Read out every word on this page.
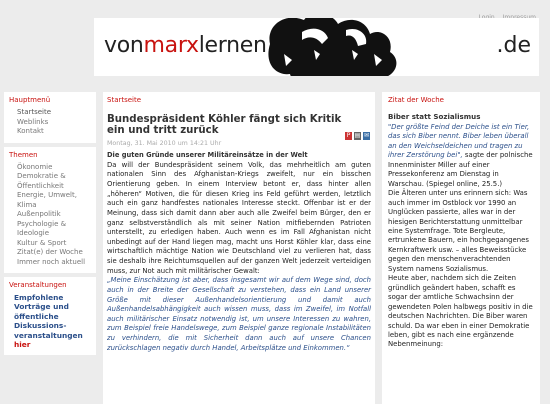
vonmarxlernen	.de
Hauptmenü
Startseite
Weblinks
Kontakt
Themen
Ökonomie
Demokratie & Öffentlichkeit
Energie, Umwelt, Klima
Außenpolitik
Psychologie & Ideologie
Kultur & Sport
Zitat(e) der Woche
Immer noch aktuell
Veranstaltungen
Empfohlene
Vorträge und
öffentliche
Diskussions-
veranstaltungen
hier
Startseite
P ▤ ✉
Bundespräsident Köhler fängt sich Kritik ein und tritt zurück
Montag, 31. Mai 2010 um 14:21 Uhr
Die guten Gründe unserer Militäreinsätze in der Welt
Da will der Bundespräsident seinem Volk, das mehrheitlich am guten nationalen Sinn des Afghanistan-Kriegs zweifelt, nur ein bisschen Orientierung geben. In einem Interview betont er, dass hinter allen „höheren“ Motiven, die für diesen Krieg ins Feld geführt werden, letztlich auch ein ganz handfestes nationales Interesse steckt. Offenbar ist er der Meinung, dass sich damit dann aber auch alle Zweifel beim Bürger, den er ganz selbstverständlich als mit seiner Nation mitfiebernden Patrioten unterstellt, zu erledigen haben. Auch wenn es im Fall Afghanistan nicht unbedingt auf der Hand liegen mag, macht uns Horst Köhler klar, dass eine wirtschaftlich mächtige Nation wie Deutschland viel zu verlieren hat, dass sie deshalb ihre Reichtumsquellen auf der ganzen Welt jederzeit verteidigen muss, zur Not auch mit militärischer Gewalt:
„Meine Einschätzung ist aber, dass insgesamt wir auf dem Wege sind, doch auch in der Breite der Gesellschaft zu verstehen, dass ein Land unserer Größe mit dieser Außenhandelsorientierung und damit auch Außenhandelsabhängigkeit auch wissen muss, dass im Zweifel, im Notfall auch militärischer Einsatz notwendig ist, um unsere Interessen zu wahren, zum Beispiel freie Handelswege, zum Beispiel ganze regionale Instabilitäten zu verhindern, die mit Sicherheit dann auch auf unsere Chancen zurückschlagen negativ durch Handel, Arbeitsplätze und Einkommen.“
Zitat der Woche
Biber statt Sozialismus
"Der größte Feind der Deiche ist ein Tier, das sich Biber nennt. Biber leben überall an den Weichseldeichen und tragen zu ihrer Zerstörung bei", sagte der polnische Innenminister Miller auf einer Pressekonferenz am Dienstag in Warschau. (Spiegel online, 25.5.)
Die Älteren unter uns erinnern sich: Was auch immer im Ostblock vor 1990 an Unglücken passierte, alles war in der hiesigen Berichterstattung unmittelbar eine Systemfrage. Tote Bergleute, ertrunkene Bauern, ein hochgegangenes Kernkraftwerk usw. – alles Beweisstücke gegen den menschenverachtenden System namens Sozialismus.
Heute aber, nachdem sich die Zeiten gründlich geändert haben, schafft es sogar der amtliche Schwachsinn der gewendeten Polen halbwegs positiv in die deutschen Nachrichten. Die Biber waren schuld. Da war eben in einer Demokratie leben, gibt es nach eine ergänzende Nebenmeinung:
